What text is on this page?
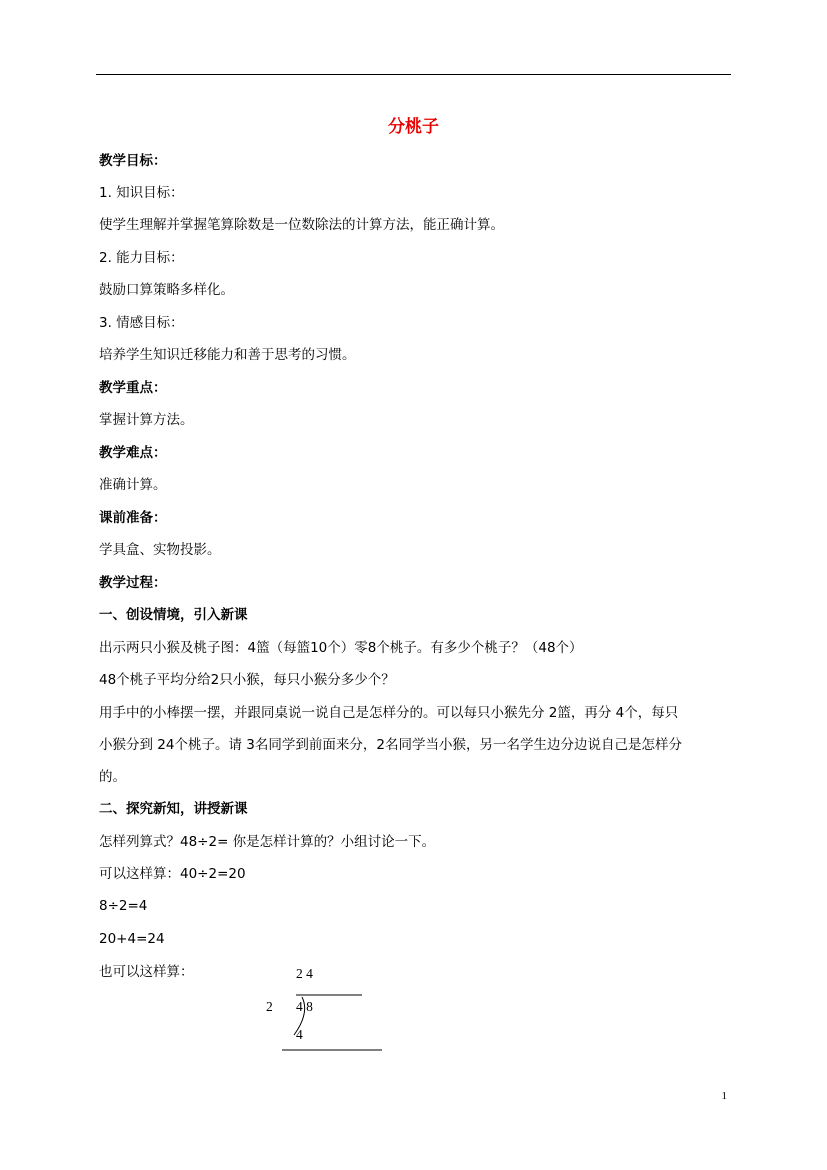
分桃子
教学目标：
1. 知识目标：
使学生理解并掌握笔算除数是一位数除法的计算方法，能正确计算。
2. 能力目标：
鼓励口算策略多样化。
3. 情感目标：
培养学生知识迁移能力和善于思考的习惯。
教学重点：
掌握计算方法。
教学难点：
准确计算。
课前准备：
学具盒、实物投影。
教学过程：
一、创设情境，引入新课
出示两只小猴及桃子图：4篮（每篮10个）零8个桃子。有多少个桃子？（48个）
48个桃子平均分给2只小猴，每只小猴分多少个？
用手中的小棒摆一摆，并跟同桌说一说自己是怎样分的。可以每只小猴先分 2篮，再分 4个，每只
小猴分到 24个桃子。请 3名同学到前面来分，2名同学当小猴，另一名学生边分边说自己是怎样分
的。
二、探究新知，讲授新课
怎样列算式？48÷2= 你是怎样计算的？小组讨论一下。
可以这样算：40÷2=20
8÷2=4
20+4=24
也可以这样算：	2 4
2 4 8
4
1
